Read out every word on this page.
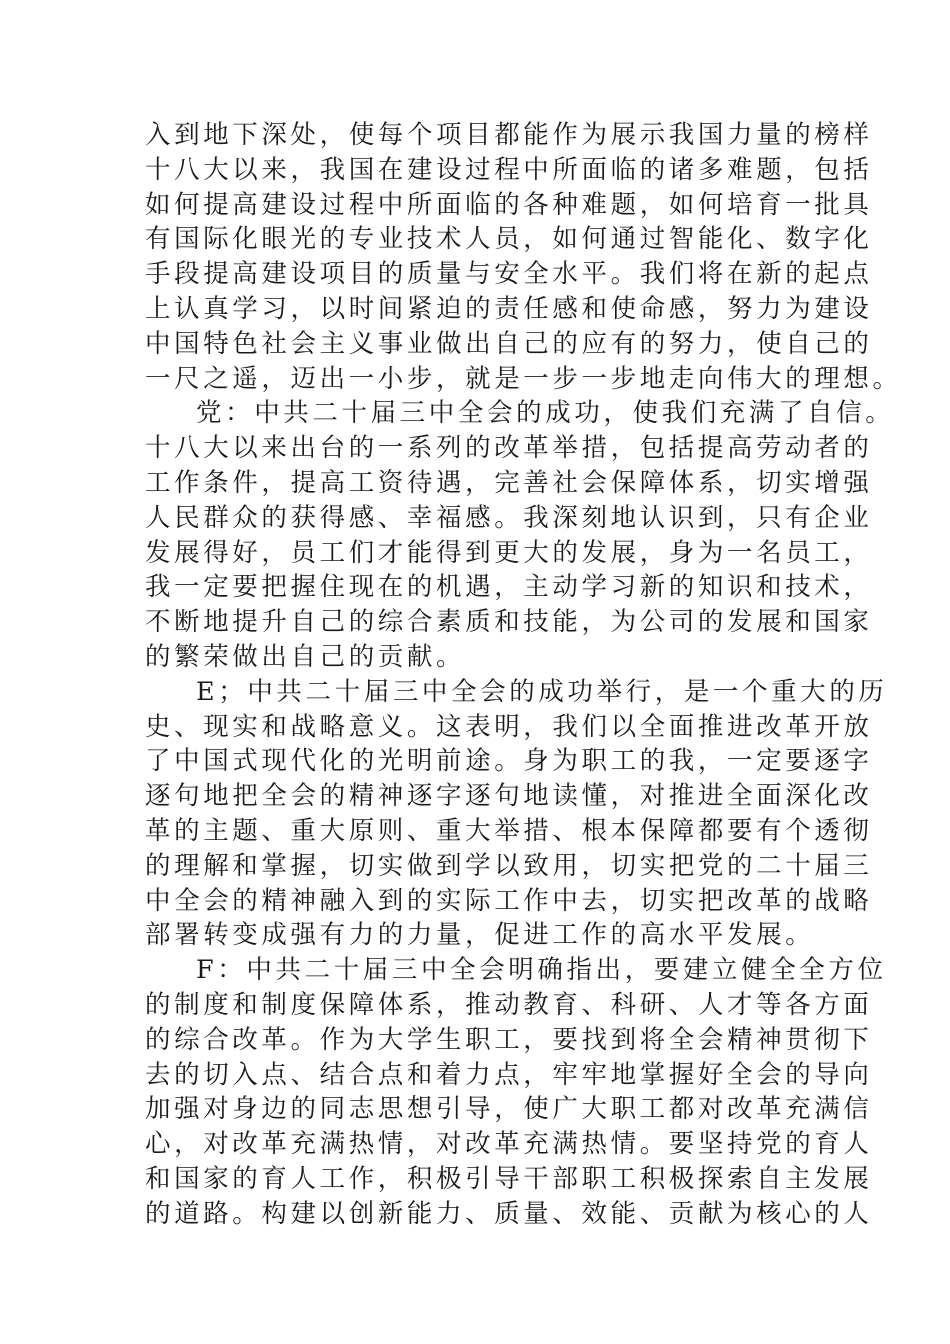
入到地下深处，使每个项目都能作为展示我国力量的榜样
十八大以来，我国在建设过程中所面临的诸多难题，包括
如何提高建设过程中所面临的各种难题，如何培育一批具
有国际化眼光的专业技术人员，如何通过智能化、数字化
手段提高建设项目的质量与安全水平。我们将在新的起点
上认真学习，以时间紧迫的责任感和使命感，努力为建设
中国特色社会主义事业做出自己的应有的努力，使自己的
一尺之遥，迈出一小步，就是一步一步地走向伟大的理想。
党：中共二十届三中全会的成功，使我们充满了自信。
十八大以来出台的一系列的改革举措，包括提高劳动者的
工作条件，提高工资待遇，完善社会保障体系，切实增强
人民群众的获得感、幸福感。我深刻地认识到，只有企业
发展得好，员工们才能得到更大的发展，身为一名员工，
我一定要把握住现在的机遇，主动学习新的知识和技术，
不断地提升自己的综合素质和技能，为公司的发展和国家
的繁荣做出自己的贡献。
E；中共二十届三中全会的成功举行，是一个重大的历
史、现实和战略意义。这表明，我们以全面推进改革开放
了中国式现代化的光明前途。身为职工的我，一定要逐字
逐句地把全会的精神逐字逐句地读懂，对推进全面深化改
革的主题、重大原则、重大举措、根本保障都要有个透彻
的理解和掌握，切实做到学以致用，切实把党的二十届三
中全会的精神融入到的实际工作中去，切实把改革的战略
部署转变成强有力的力量，促进工作的高水平发展。
F：中共二十届三中全会明确指出，要建立健全全方位
的制度和制度保障体系，推动教育、科研、人才等各方面
的综合改革。作为大学生职工，要找到将全会精神贯彻下
去的切入点、结合点和着力点，牢牢地掌握好全会的导向
加强对身边的同志思想引导，使广大职工都对改革充满信
心，对改革充满热情，对改革充满热情。要坚持党的育人
和国家的育人工作，积极引导干部职工积极探索自主发展
的道路。构建以创新能力、质量、效能、贡献为核心的人
